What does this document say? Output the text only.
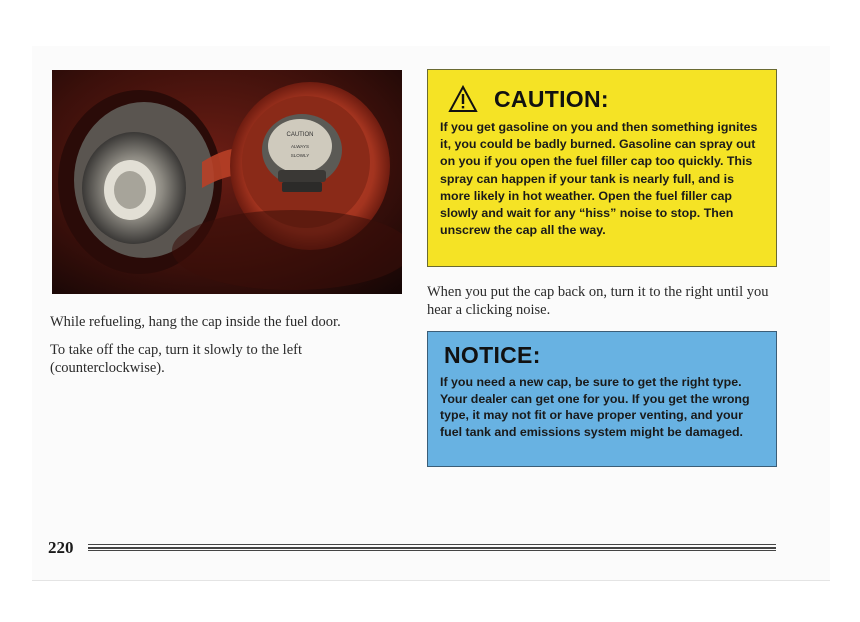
CAUTION
ALWAYS
SLOWLY

While refueling, hang the cap inside the fuel door.

To take off the cap, turn it slowly to the left (counterclockwise).

CAUTION:
If you get gasoline on you and then something ignites it, you could be badly burned. Gasoline can spray out on you if you open the fuel filler cap too quickly. This spray can happen if your tank is nearly full, and is more likely in hot weather. Open the fuel filler cap slowly and wait for any “hiss” noise to stop. Then unscrew the cap all the way.
When you put the cap back on, turn it to the right until you hear a clicking noise.
NOTICE:
If you need a new cap, be sure to get the right type. Your dealer can get one for you. If you get the wrong type, it may not fit or have proper venting, and your fuel tank and emissions system might be damaged.
220
